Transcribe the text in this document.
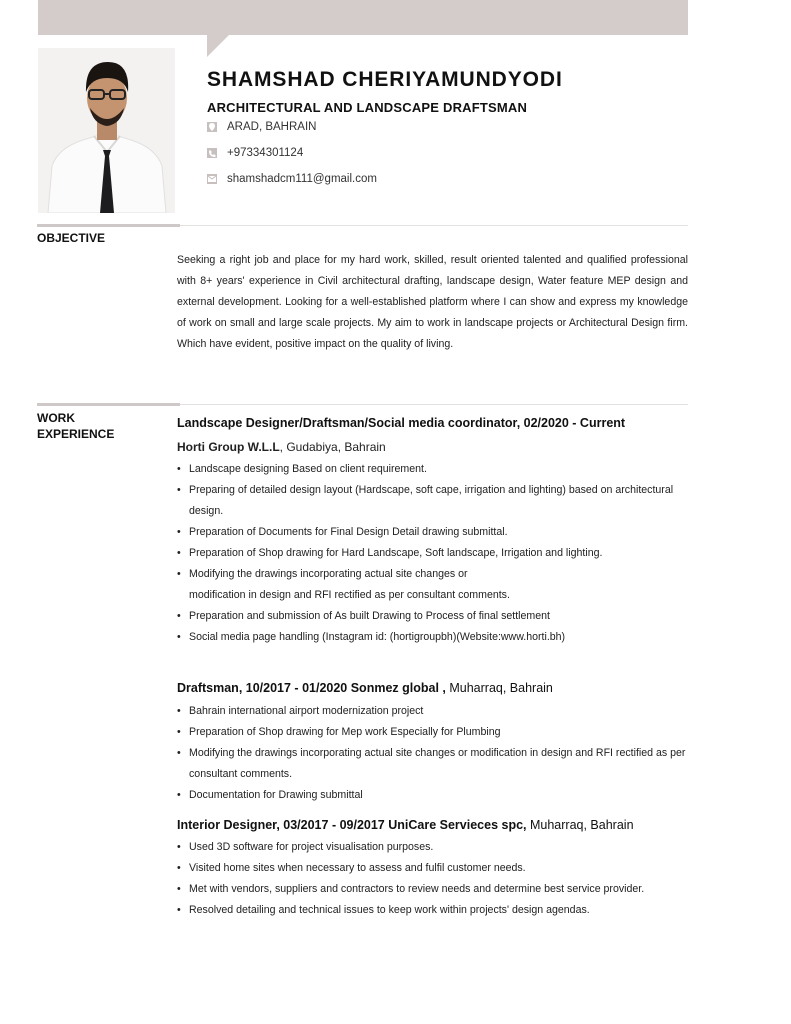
SHAMSHAD CHERIYAMUNDYODI
ARCHITECTURAL AND LANDSCAPE DRAFTSMAN
ARAD, BAHRAIN
+97334301124
shamshadcm111@gmail.com
OBJECTIVE

Seeking a right job and place for my hard work, skilled, result oriented talented and qualified professional with 8+ years' experience in Civil architectural drafting, landscape design, Water feature MEP design and external development. Looking for a well-established platform where I can show and express my knowledge of work on small and large scale projects. My aim to work in landscape projects or Architectural Design firm. Which have evident, positive impact on the quality of living.

WORK
EXPERIENCE
Landscape Designer/Draftsman/Social media coordinator, 02/2020 - Current
Horti Group W.L.L, Gudabiya, Bahrain
• Landscape designing Based on client requirement.
• Preparing of detailed design layout (Hardscape, soft cape, irrigation and lighting) based on architectural design.
• Preparation of Documents for Final Design Detail drawing submittal.
• Preparation of Shop drawing for Hard Landscape, Soft landscape, Irrigation and lighting.
• Modifying the drawings incorporating actual site changes or modification in design and RFI rectified as per consultant comments.
• Preparation and submission of As built Drawing to Process of final settlement
• Social media page handling (Instagram id: (hortigroupbh)(Website:www.horti.bh)
Draftsman, 10/2017 - 01/2020 Sonmez global , Muharraq, Bahrain
• Bahrain international airport modernization project
• Preparation of Shop drawing for Mep work Especially for Plumbing
• Modifying the drawings incorporating actual site changes or modification in design and RFI rectified as per consultant comments.
• Documentation for Drawing submittal
Interior Designer, 03/2017 - 09/2017 UniCare Servieces spc, Muharraq, Bahrain
• Used 3D software for project visualisation purposes.
• Visited home sites when necessary to assess and fulfil customer needs.
• Met with vendors, suppliers and contractors to review needs and determine best service provider.
• Resolved detailing and technical issues to keep work within projects' design agendas.
